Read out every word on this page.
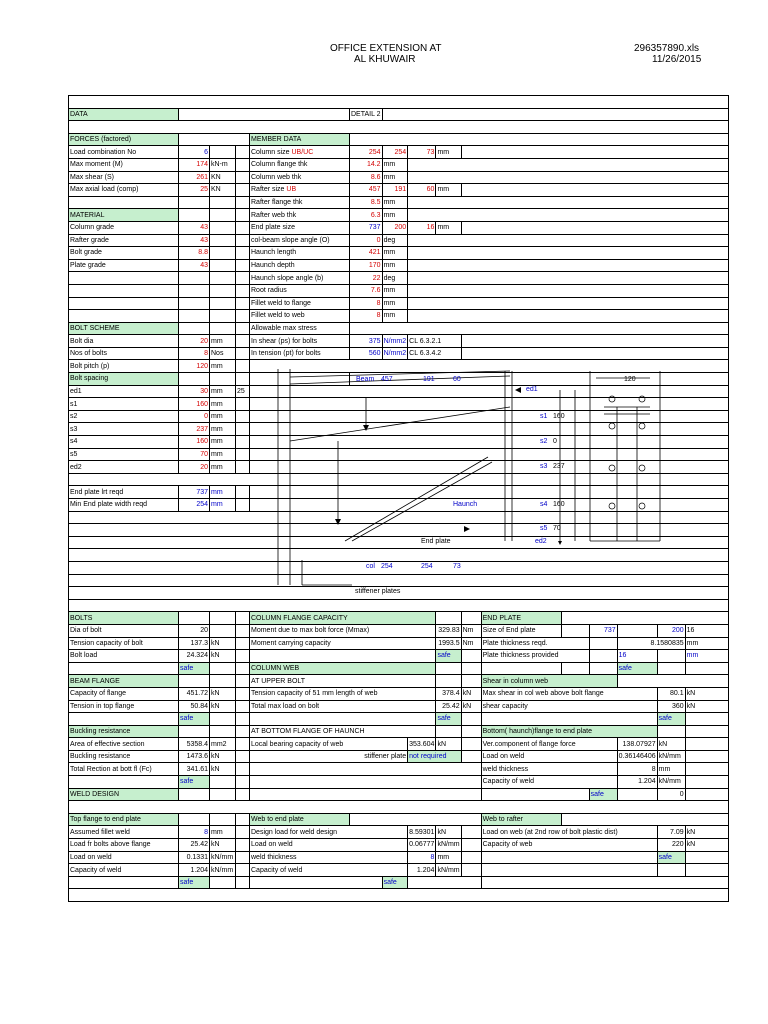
OFFICE EXTENSION AT
AL KHUWAIR
296357890.xls
11/26/2015

DATA					DETAIL 2										

FORCES (factored)				MEMBER DATA											
Load combination No	6			Column size UB/UC	254	254	73	mm							
Max moment (M)	174	kN-m		Column flange thk	14.2	mm									
Max shear (S)	261	KN		Column web thk	8.6	mm									
Max axial load (comp)	25	KN		Rafter size UB	457	191	60	mm							
				Rafter flange thk	8.5	mm									
MATERIAL				Rafter web thk	6.3	mm									
Column grade	43			End plate size	737	200	16	mm							
Rafter grade	43			col-beam slope angle (O)	0	deg									
Bolt grade	8.8			Haunch length	421	mm									
Plate grade	43			Haunch depth	170	mm									
				Haunch slope angle (b)	22	deg									
				Root radius	7.6	mm									
				Fillet weld to flange	8	mm									
				Fillet weld to web	8	mm									
BOLT SCHEME				Allowable max stress											
Bolt dia	20	mm		In shear (ps) for bolts	375	N/mm2	CL 6.3.2.1								
Nos of bolts	8	Nos		In tension (pt) for bolts	560	N/mm2	CL 6.3.4.2								
Bolt pitch (p)	120	mm													
Bolt spacing															
ed1	30	mm	25												
s1	160	mm													
s2	0	mm													
s3	237	mm													
s4	160	mm													
s5	70	mm													
ed2	20	mm													

End plate lrt reqd	737	mm													
Min End plate width reqd	254	mm													

BOLTS				COLUMN FLANGE CAPACITY						END PLATE					
Dia of bolt	20			Moment due to max bolt force (Mmax)				329.83	Nm	Size of End plate		737		200	16
Tension capacity of bolt	137.3	kN		Moment carrying capacity				1993.5	Nm	Plate thickness reqd.			8.1580835		mm
Bolt load	24.324	kN						safe		Plate thickness provided			16		mm
	safe			COLUMN WEB									safe		
BEAM FLANGE				AT UPPER BOLT						Shear in column web					
Capacity of flange	451.72	kN		Tension capacity of 51 mm length of web				378.4	kN	Max shear in col web above bolt flange				80.1	kN
Tension in top flange	50.84	kN		Total max load on bolt				25.42	kN	shear capacity				360	kN
	safe							safe						safe	
Buckling resistance				AT BOTTOM FLANGE OF HAUNCH						Bottom( haunch)flange to end plate					
Area of effective section	5358.4	mm2		Local bearing capacity of web			353.604	kN		Ver.component of flange force			138.07927	kN	
Buckling resistance	1473.6	kN		stiffener plate			not required			Load on weld			0.36146406	kN/mm	
Total Rection at bott fl (Fc)	341.61	kN								weld thickness			8	mm	
	safe									Capacity of weld			1.204	kN/mm	
WELD DESIGN												safe		0	

Top flange to end plate				Web to end plate						Web to rafter					
Assumed fillet weld	8	mm		Design load for weld design			8.59301	kN		Load on web (at 2nd row of bolt plastic dist)				7.09	kN
Load fr bolts above flange	25.42	kN		Load on weld			0.06777	kN/mm		Capacity of web				220	kN
Load on weld	0.1331	kN/mm		weld thickness			8	mm						safe	
Capacity of weld	1.204	kN/mm		Capacity of weld			1.204	kN/mm							
	safe					safe									

Beam 457	191	60
Haunch
End plate
col 254	254	73
stiffener plates
ed1
s1 160
s2 0
s3 237
s4 160
s5 70
ed2
120
